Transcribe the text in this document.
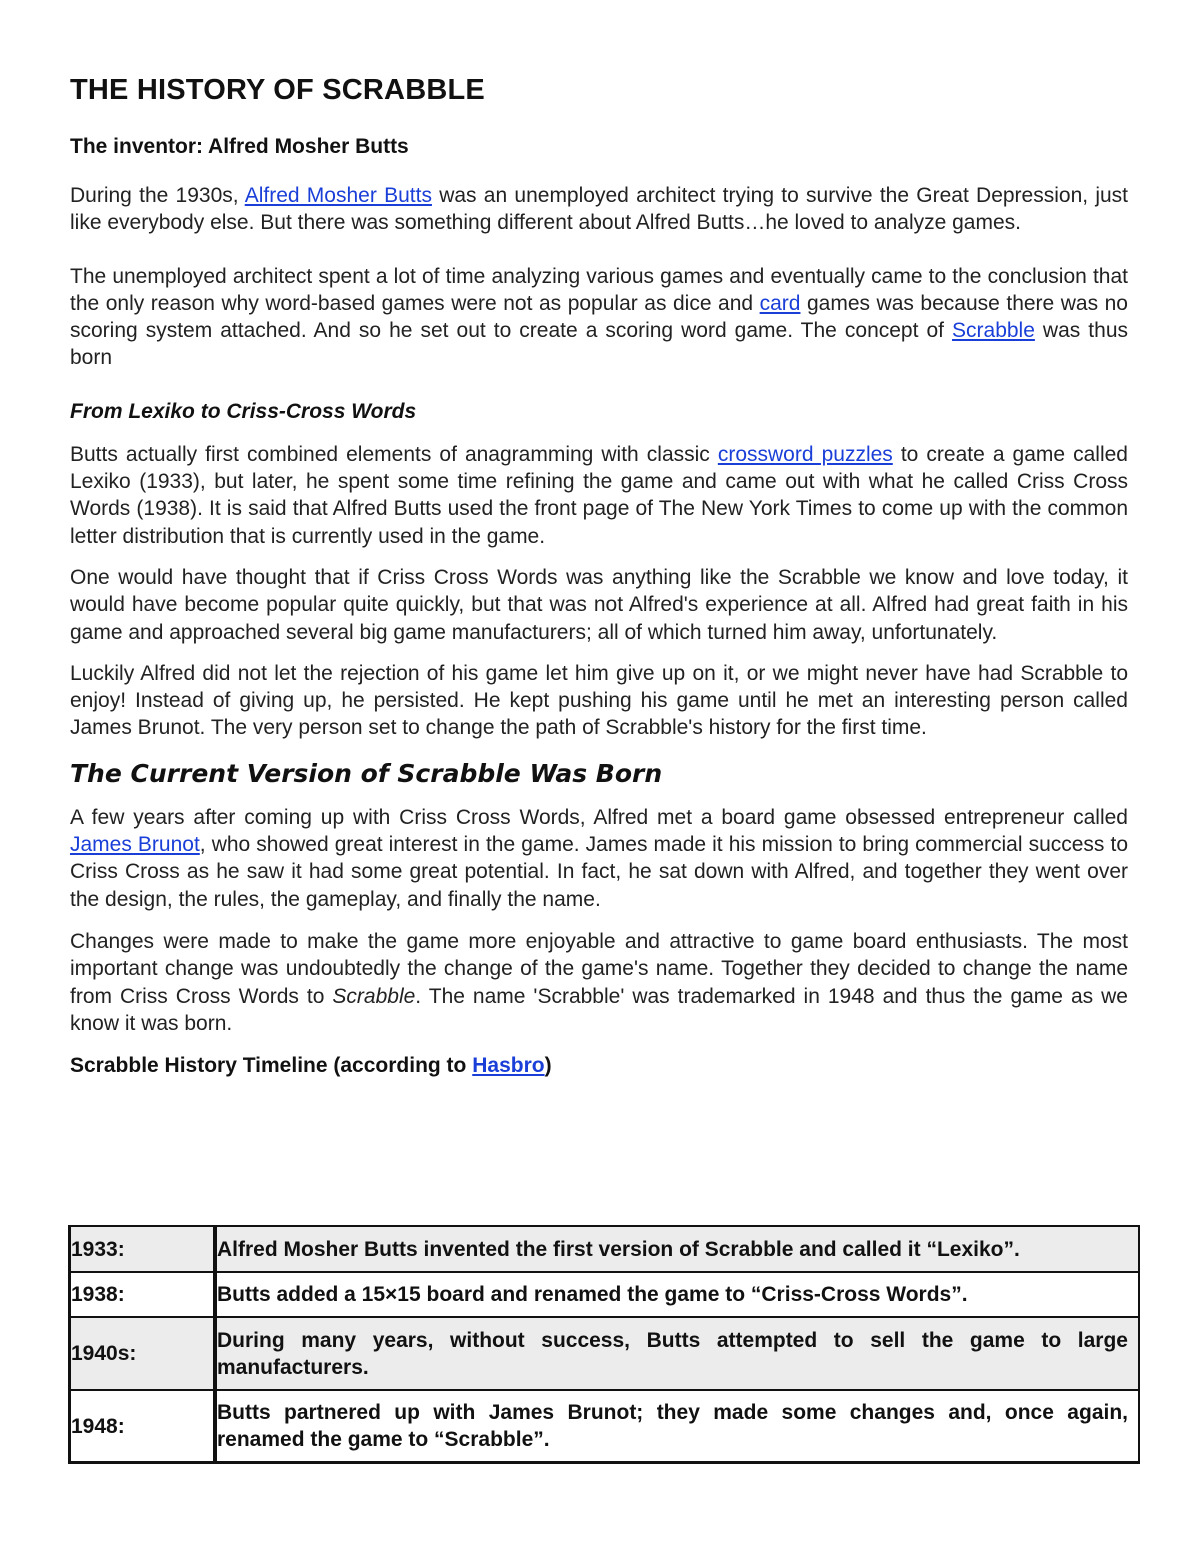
THE HISTORY OF SCRABBLE
The inventor: Alfred Mosher Butts

During the 1930s, Alfred Mosher Butts was an unemployed architect trying to survive the Great Depression, just like everybody else. But there was something different about Alfred Butts…he loved to analyze games.

The unemployed architect spent a lot of time analyzing various games and eventually came to the conclusion that the only reason why word-based games were not as popular as dice and card games was because there was no scoring system attached. And so he set out to create a scoring word game. The concept of Scrabble was thus born

From Lexiko to Criss-Cross Words

Butts actually first combined elements of anagramming with classic crossword puzzles to create a game called Lexiko (1933), but later, he spent some time refining the game and came out with what he called Criss Cross Words (1938). It is said that Alfred Butts used the front page of The New York Times to come up with the common letter distribution that is currently used in the game.

One would have thought that if Criss Cross Words was anything like the Scrabble we know and love today, it would have become popular quite quickly, but that was not Alfred's experience at all. Alfred had great faith in his game and approached several big game manufacturers; all of which turned him away, unfortunately.

Luckily Alfred did not let the rejection of his game let him give up on it, or we might never have had Scrabble to enjoy! Instead of giving up, he persisted. He kept pushing his game until he met an interesting person called James Brunot. The very person set to change the path of Scrabble's history for the first time.

The Current Version of Scrabble Was Born

A few years after coming up with Criss Cross Words, Alfred met a board game obsessed entrepreneur called James Brunot, who showed great interest in the game. James made it his mission to bring commercial success to Criss Cross as he saw it had some great potential. In fact, he sat down with Alfred, and together they went over the design, the rules, the gameplay, and finally the name.

Changes were made to make the game more enjoyable and attractive to game board enthusiasts. The most important change was undoubtedly the change of the game's name. Together they decided to change the name from Criss Cross Words to Scrabble. The name 'Scrabble' was trademarked in 1948 and thus the game as we know it was born.

Scrabble History Timeline (according to Hasbro)
1933:	Alfred Mosher Butts invented the first version of Scrabble and called it “Lexiko”.
1938:	Butts added a 15×15 board and renamed the game to “Criss-Cross Words”.
1940s:	During many years, without success, Butts attempted to sell the game to large manufacturers.
1948:	Butts partnered up with James Brunot; they made some changes and, once again, renamed the game to “Scrabble”.
